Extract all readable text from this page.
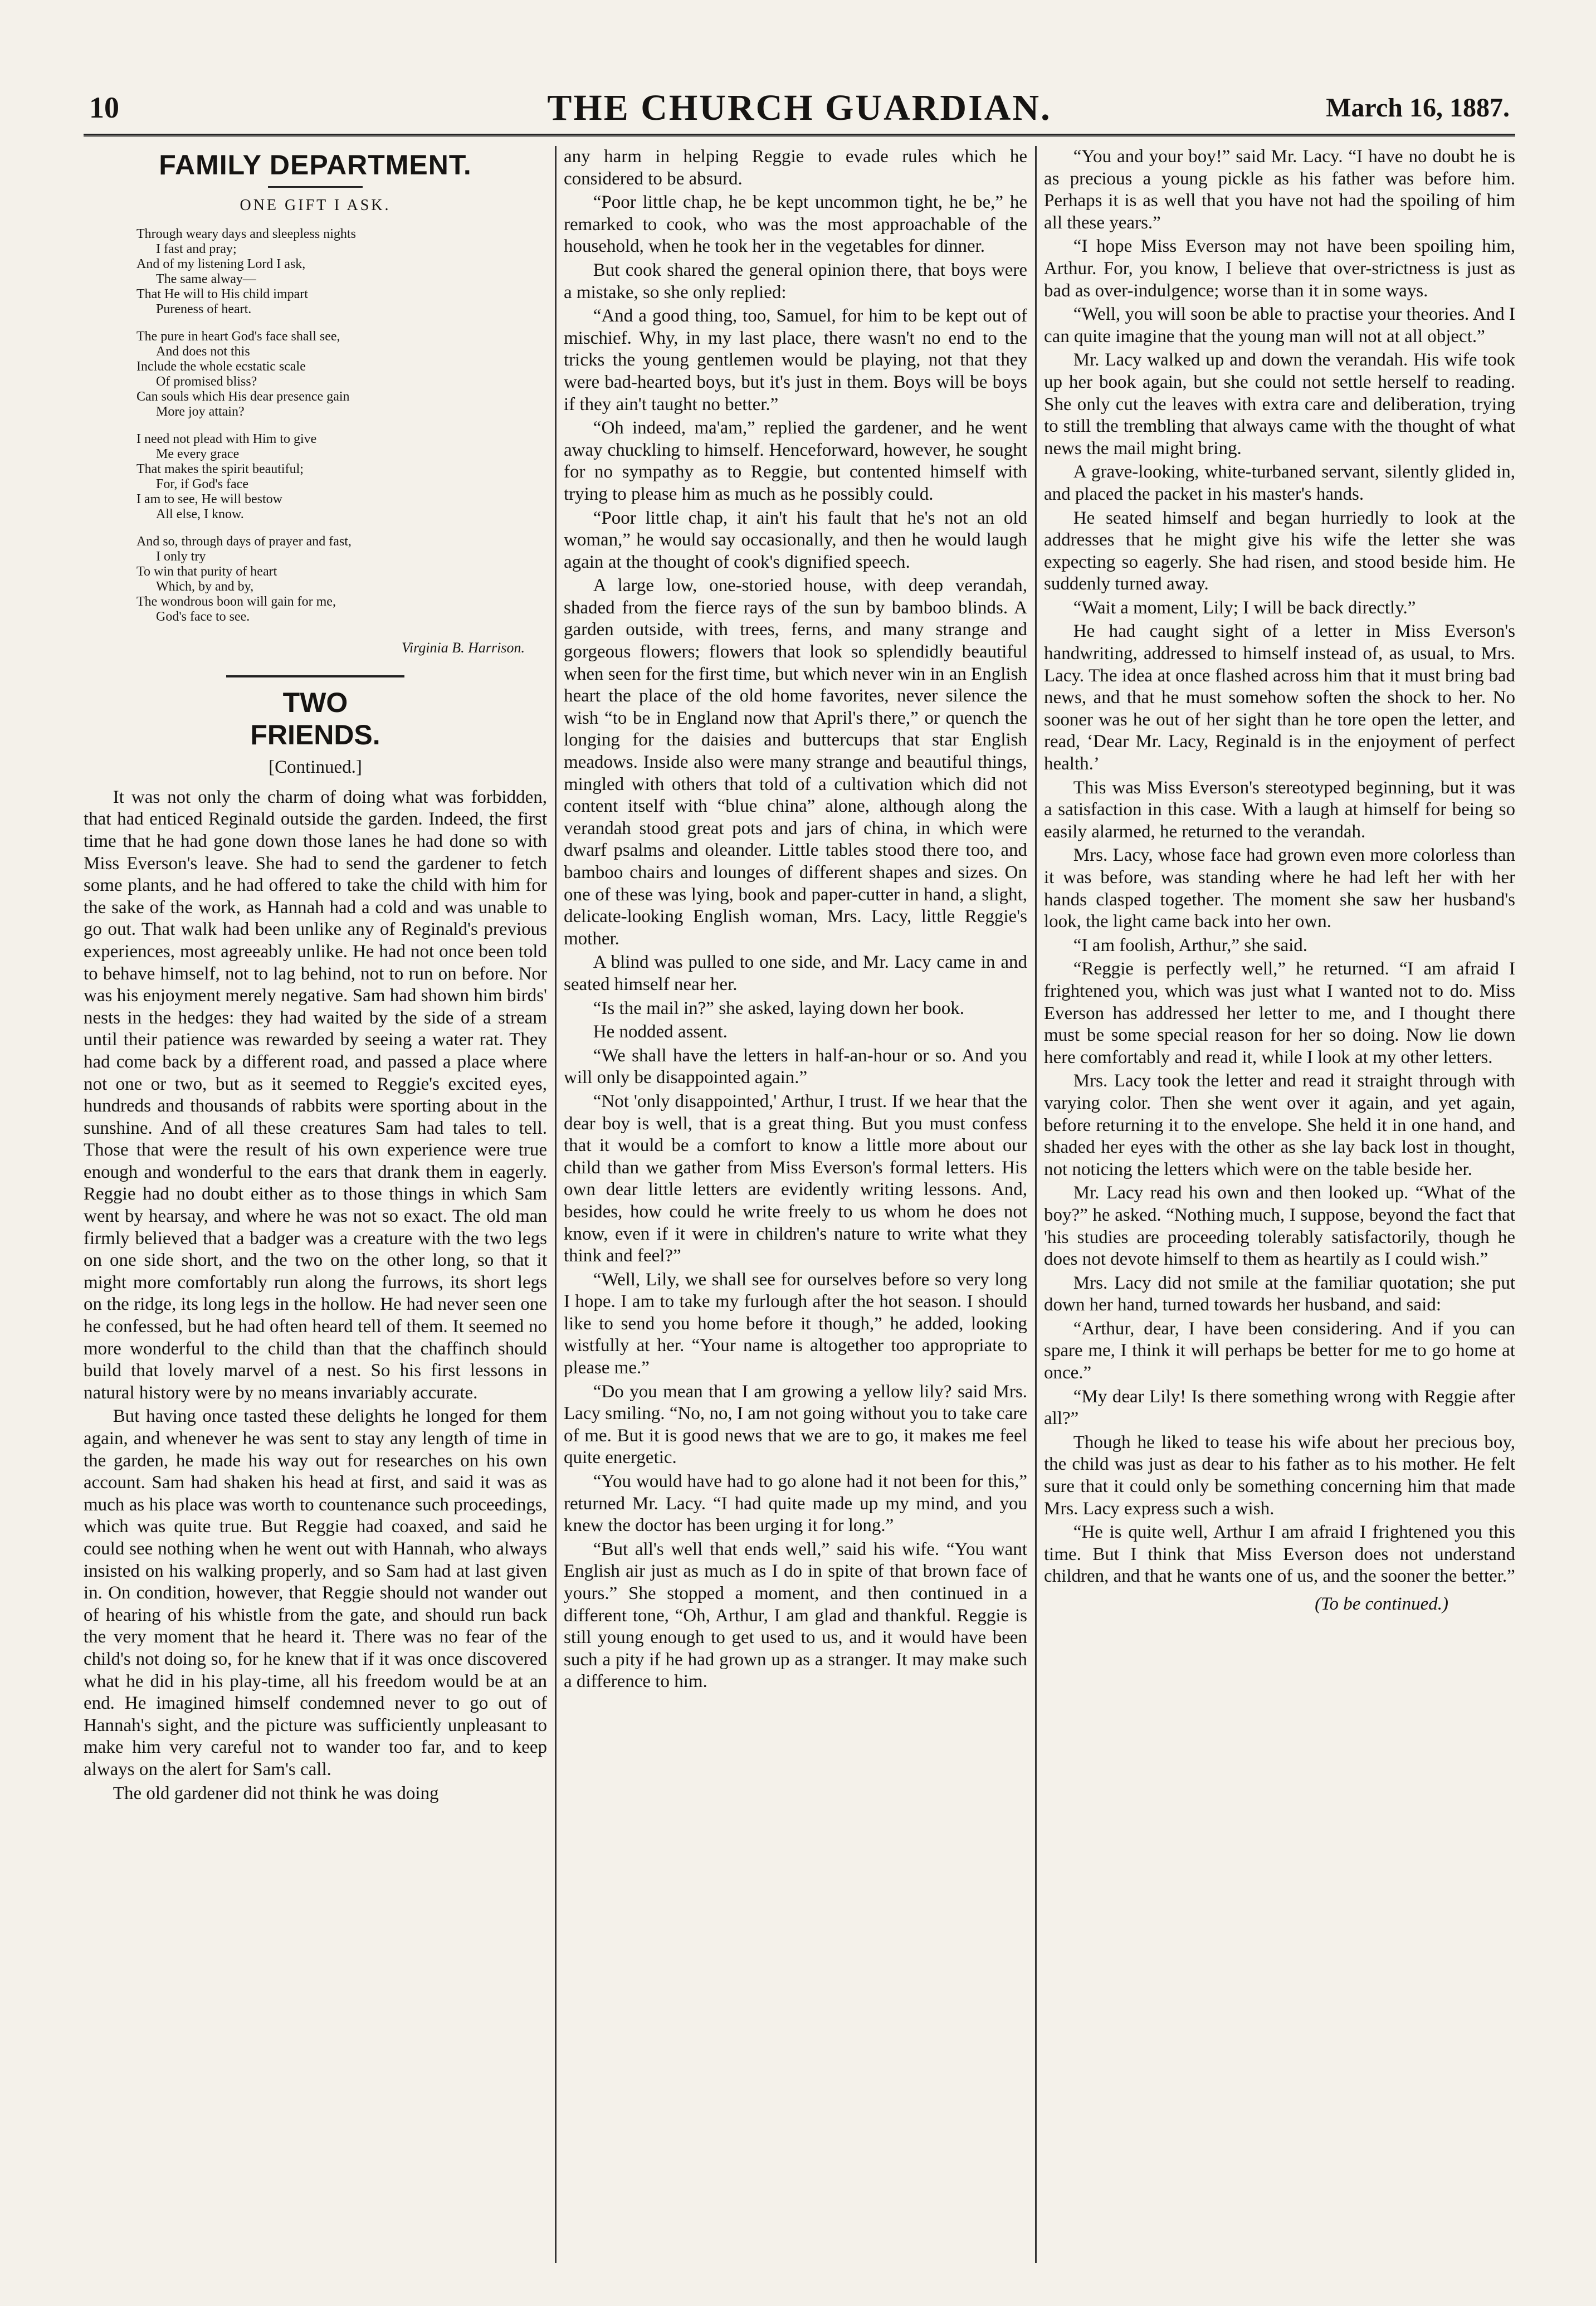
10	THE CHURCH GUARDIAN.	March 16, 1887.
FAMILY DEPARTMENT.
ONE GIFT I ASK.
Through weary days and sleepless nights
I fast and pray;
And of my listening Lord I ask,
The same alway—
That He will to His child impart
Pureness of heart.
The pure in heart God's face shall see,
And does not this
Include the whole ecstatic scale
Of promised bliss?
Can souls which His dear presence gain
More joy attain?
I need not plead with Him to give
Me every grace
That makes the spirit beautiful;
For, if God's face
I am to see, He will bestow
All else, I know.
And so, through days of prayer and fast,
I only try
To win that purity of heart
Which, by and by,
The wondrous boon will gain for me,
God's face to see.
Virginia B. Harrison.
TWO FRIENDS.
[Continued.]

It was not only the charm of doing what was forbidden, that had enticed Reginald outside the garden. Indeed, the first time that he had gone down those lanes he had done so with Miss Everson's leave. She had to send the gardener to fetch some plants, and he had offered to take the child with him for the sake of the work, as Hannah had a cold and was unable to go out. That walk had been unlike any of Reginald's previous experiences, most agreeably unlike. He had not once been told to behave himself, not to lag behind, not to run on before. Nor was his enjoyment merely negative. Sam had shown him birds' nests in the hedges: they had waited by the side of a stream until their patience was rewarded by seeing a water rat. They had come back by a different road, and passed a place where not one or two, but as it seemed to Reggie's excited eyes, hundreds and thousands of rabbits were sporting about in the sunshine. And of all these creatures Sam had tales to tell. Those that were the result of his own experience were true enough and wonderful to the ears that drank them in eagerly. Reggie had no doubt either as to those things in which Sam went by hearsay, and where he was not so exact. The old man firmly believed that a badger was a creature with the two legs on one side short, and the two on the other long, so that it might more comfortably run along the furrows, its short legs on the ridge, its long legs in the hollow. He had never seen one he confessed, but he had often heard tell of them. It seemed no more wonderful to the child than that the chaffinch should build that lovely marvel of a nest. So his first lessons in natural history were by no means invariably accurate.

But having once tasted these delights he longed for them again, and whenever he was sent to stay any length of time in the garden, he made his way out for researches on his own account. Sam had shaken his head at first, and said it was as much as his place was worth to countenance such proceedings, which was quite true. But Reggie had coaxed, and said he could see nothing when he went out with Hannah, who always insisted on his walking properly, and so Sam had at last given in. On condition, however, that Reggie should not wander out of hearing of his whistle from the gate, and should run back the very moment that he heard it. There was no fear of the child's not doing so, for he knew that if it was once discovered what he did in his play-time, all his freedom would be at an end. He imagined himself condemned never to go out of Hannah's sight, and the picture was sufficiently unpleasant to make him very careful not to wander too far, and to keep always on the alert for Sam's call.

The old gardener did not think he was doing

any harm in helping Reggie to evade rules which he considered to be absurd.

“Poor little chap, he be kept uncommon tight, he be,” he remarked to cook, who was the most approachable of the household, when he took her in the vegetables for dinner.

But cook shared the general opinion there, that boys were a mistake, so she only replied:

“And a good thing, too, Samuel, for him to be kept out of mischief. Why, in my last place, there wasn't no end to the tricks the young gentlemen would be playing, not that they were bad-hearted boys, but it's just in them. Boys will be boys if they ain't taught no better.”

“Oh indeed, ma'am,” replied the gardener, and he went away chuckling to himself. Henceforward, however, he sought for no sympathy as to Reggie, but contented himself with trying to please him as much as he possibly could.

“Poor little chap, it ain't his fault that he's not an old woman,” he would say occasionally, and then he would laugh again at the thought of cook's dignified speech.

A large low, one-storied house, with deep verandah, shaded from the fierce rays of the sun by bamboo blinds. A garden outside, with trees, ferns, and many strange and gorgeous flowers; flowers that look so splendidly beautiful when seen for the first time, but which never win in an English heart the place of the old home favorites, never silence the wish “to be in England now that April's there,” or quench the longing for the daisies and buttercups that star English meadows. Inside also were many strange and beautiful things, mingled with others that told of a cultivation which did not content itself with “blue china” alone, although along the verandah stood great pots and jars of china, in which were dwarf psalms and oleander. Little tables stood there too, and bamboo chairs and lounges of different shapes and sizes. On one of these was lying, book and paper-cutter in hand, a slight, delicate-looking English woman, Mrs. Lacy, little Reggie's mother.

A blind was pulled to one side, and Mr. Lacy came in and seated himself near her.

“Is the mail in?” she asked, laying down her book.

He nodded assent.

“We shall have the letters in half-an-hour or so. And you will only be disappointed again.”

“Not 'only disappointed,' Arthur, I trust. If we hear that the dear boy is well, that is a great thing. But you must confess that it would be a comfort to know a little more about our child than we gather from Miss Everson's formal letters. His own dear little letters are evidently writing lessons. And, besides, how could he write freely to us whom he does not know, even if it were in children's nature to write what they think and feel?”

“Well, Lily, we shall see for ourselves before so very long I hope. I am to take my furlough after the hot season. I should like to send you home before it though,” he added, looking wistfully at her. “Your name is altogether too appropriate to please me.”

“Do you mean that I am growing a yellow lily? said Mrs. Lacy smiling. “No, no, I am not going without you to take care of me. But it is good news that we are to go, it makes me feel quite energetic.

“You would have had to go alone had it not been for this,” returned Mr. Lacy. “I had quite made up my mind, and you knew the doctor has been urging it for long.”

“But all's well that ends well,” said his wife. “You want English air just as much as I do in spite of that brown face of yours.” She stopped a moment, and then continued in a different tone, “Oh, Arthur, I am glad and thankful. Reggie is still young enough to get used to us, and it would have been such a pity if he had grown up as a stranger. It may make such a difference to him.

“You and your boy!” said Mr. Lacy. “I have no doubt he is as precious a young pickle as his father was before him. Perhaps it is as well that you have not had the spoiling of him all these years.”

“I hope Miss Everson may not have been spoiling him, Arthur. For, you know, I believe that over-strictness is just as bad as over-indulgence; worse than it in some ways.

“Well, you will soon be able to practise your theories. And I can quite imagine that the young man will not at all object.”

Mr. Lacy walked up and down the verandah. His wife took up her book again, but she could not settle herself to reading. She only cut the leaves with extra care and deliberation, trying to still the trembling that always came with the thought of what news the mail might bring.

A grave-looking, white-turbaned servant, silently glided in, and placed the packet in his master's hands.

He seated himself and began hurriedly to look at the addresses that he might give his wife the letter she was expecting so eagerly. She had risen, and stood beside him. He suddenly turned away.

“Wait a moment, Lily; I will be back directly.”

He had caught sight of a letter in Miss Everson's handwriting, addressed to himself instead of, as usual, to Mrs. Lacy. The idea at once flashed across him that it must bring bad news, and that he must somehow soften the shock to her. No sooner was he out of her sight than he tore open the letter, and read, ‘Dear Mr. Lacy, Reginald is in the enjoyment of perfect health.’

This was Miss Everson's stereotyped beginning, but it was a satisfaction in this case. With a laugh at himself for being so easily alarmed, he returned to the verandah.

Mrs. Lacy, whose face had grown even more colorless than it was before, was standing where he had left her with her hands clasped together. The moment she saw her husband's look, the light came back into her own.

“I am foolish, Arthur,” she said.

“Reggie is perfectly well,” he returned. “I am afraid I frightened you, which was just what I wanted not to do. Miss Everson has addressed her letter to me, and I thought there must be some special reason for her so doing. Now lie down here comfortably and read it, while I look at my other letters.

Mrs. Lacy took the letter and read it straight through with varying color. Then she went over it again, and yet again, before returning it to the envelope. She held it in one hand, and shaded her eyes with the other as she lay back lost in thought, not noticing the letters which were on the table beside her.

Mr. Lacy read his own and then looked up. “What of the boy?” he asked. “Nothing much, I suppose, beyond the fact that 'his studies are proceeding tolerably satisfactorily, though he does not devote himself to them as heartily as I could wish.”

Mrs. Lacy did not smile at the familiar quotation; she put down her hand, turned towards her husband, and said:

“Arthur, dear, I have been considering. And if you can spare me, I think it will perhaps be better for me to go home at once.”

“My dear Lily! Is there something wrong with Reggie after all?”

Though he liked to tease his wife about her precious boy, the child was just as dear to his father as to his mother. He felt sure that it could only be something concerning him that made Mrs. Lacy express such a wish.

“He is quite well, Arthur I am afraid I frightened you this time. But I think that Miss Everson does not understand children, and that he wants one of us, and the sooner the better.”

(To be continued.)
